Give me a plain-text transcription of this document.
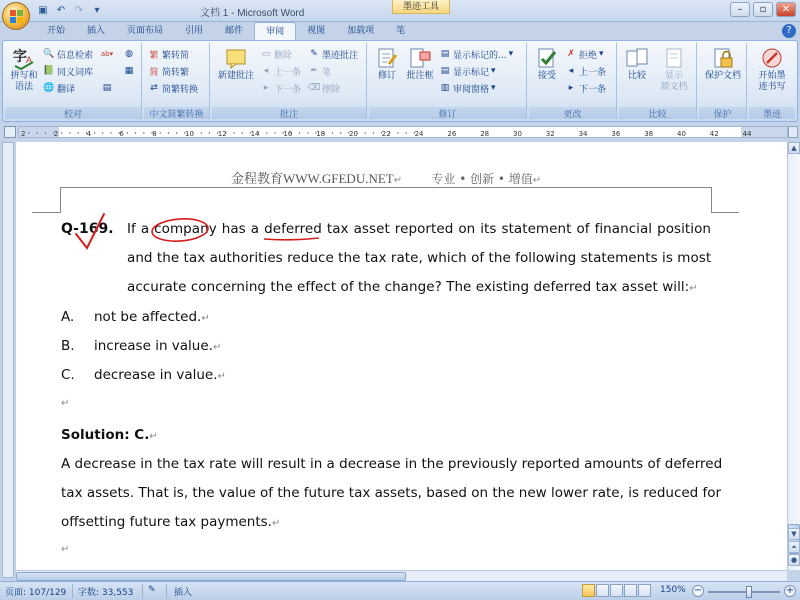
▣ ↶ ↷	▾	文档 1 - Microsoft Word
墨迹工具	–	▫	✕
开始	插入	页面布局	引用	邮件	审阅	视图	加载项	笔	?
字 A
拼写和
语法
🔍 信息检索
📗 同义词库
🌐 翻译
ab▾ ◍
▦
▤
校对
繁 繁转简
简 简转繁
⇄ 简繁转换
中文简繁转换
新建批注
▭ 删除
◂ 上一条
▸ 下一条
✎ 墨迹批注
✒ 笔
⌫ 擦除
批注
修订 批注框
▤ 显示标记的... ▾
▤ 显示标记 ▾
▥ 审阅窗格 ▾
修订
接受
✗ 拒绝 ▾
◂ 上一条
▸ 下一条
更改
比较	显示
源文档
比较
保护文档
保护
开始墨
迹书写
墨迹
2	2	4	6	8	10	12	14	16	18	20	22	24	26	28	30	32	34	36	38	40	42	44
金程教育WWW.GFEDU.NET↵ 专业 • 创新 • 增值↵
Q-169. If a company has a deferred tax asset reported on its statement of financial position
and the tax authorities reduce the tax rate, which of the following statements is most
accurate concerning the effect of the change? The existing deferred tax asset will:↵
A. not be affected.↵
B. increase in value.↵
C. decrease in value.↵
↵
Solution: C.↵
A decrease in the tax rate will result in a decrease in the previously reported amounts of deferred
tax assets. That is, the value of the future tax assets, based on the new lower rate, is reduced for
offsetting future tax payments.↵
↵
▲
▼
⏶
●
页面: 107/129 字数: 33,553 ✎ 插入	150% −	+
